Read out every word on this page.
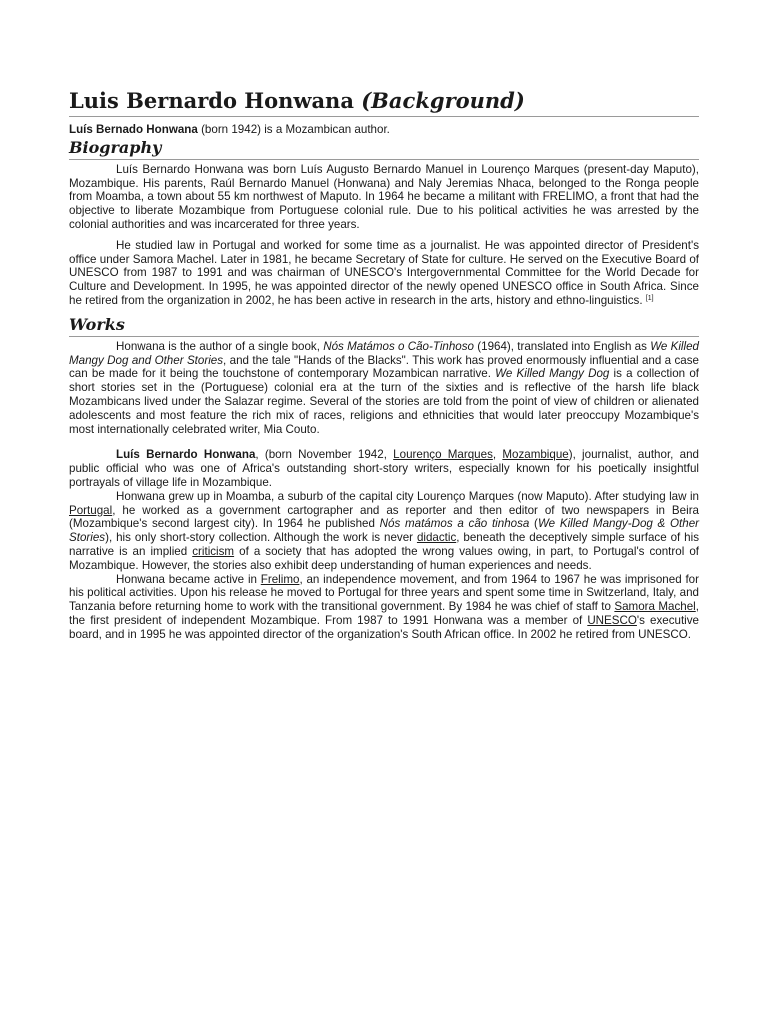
Luis Bernardo Honwana (Background)

Luís Bernado Honwana (born 1942) is a Mozambican author.

Biography

Luís Bernardo Honwana was born Luís Augusto Bernardo Manuel in Lourenço Marques (present-day Maputo), Mozambique. His parents, Raúl Bernardo Manuel (Honwana) and Naly Jeremias Nhaca, belonged to the Ronga people from Moamba, a town about 55 km northwest of Maputo. In 1964 he became a militant with FRELIMO, a front that had the objective to liberate Mozambique from Portuguese colonial rule. Due to his political activities he was arrested by the colonial authorities and was incarcerated for three years.

He studied law in Portugal and worked for some time as a journalist. He was appointed director of President's office under Samora Machel. Later in 1981, he became Secretary of State for culture. He served on the Executive Board of UNESCO from 1987 to 1991 and was chairman of UNESCO's Intergovernmental Committee for the World Decade for Culture and Development. In 1995, he was appointed director of the newly opened UNESCO office in South Africa. Since he retired from the organization in 2002, he has been active in research in the arts, history and ethno-linguistics. [1]

Works

Honwana is the author of a single book, Nós Matámos o Cão-Tinhoso (1964), translated into English as We Killed Mangy Dog and Other Stories, and the tale "Hands of the Blacks". This work has proved enormously influential and a case can be made for it being the touchstone of contemporary Mozambican narrative. We Killed Mangy Dog is a collection of short stories set in the (Portuguese) colonial era at the turn of the sixties and is reflective of the harsh life black Mozambicans lived under the Salazar regime. Several of the stories are told from the point of view of children or alienated adolescents and most feature the rich mix of races, religions and ethnicities that would later preoccupy Mozambique's most internationally celebrated writer, Mia Couto.

Luís Bernardo Honwana, (born November 1942, Lourenço Marques, Mozambique), journalist, author, and public official who was one of Africa's outstanding short-story writers, especially known for his poetically insightful portrayals of village life in Mozambique.

Honwana grew up in Moamba, a suburb of the capital city Lourenço Marques (now Maputo). After studying law in Portugal, he worked as a government cartographer and as reporter and then editor of two newspapers in Beira (Mozambique's second largest city). In 1964 he published Nós matámos a cão tinhosa (We Killed Mangy-Dog & Other Stories), his only short-story collection. Although the work is never didactic, beneath the deceptively simple surface of his narrative is an implied criticism of a society that has adopted the wrong values owing, in part, to Portugal's control of Mozambique. However, the stories also exhibit deep understanding of human experiences and needs.

Honwana became active in Frelimo, an independence movement, and from 1964 to 1967 he was imprisoned for his political activities. Upon his release he moved to Portugal for three years and spent some time in Switzerland, Italy, and Tanzania before returning home to work with the transitional government. By 1984 he was chief of staff to Samora Machel, the first president of independent Mozambique. From 1987 to 1991 Honwana was a member of UNESCO's executive board, and in 1995 he was appointed director of the organization's South African office. In 2002 he retired from UNESCO.
